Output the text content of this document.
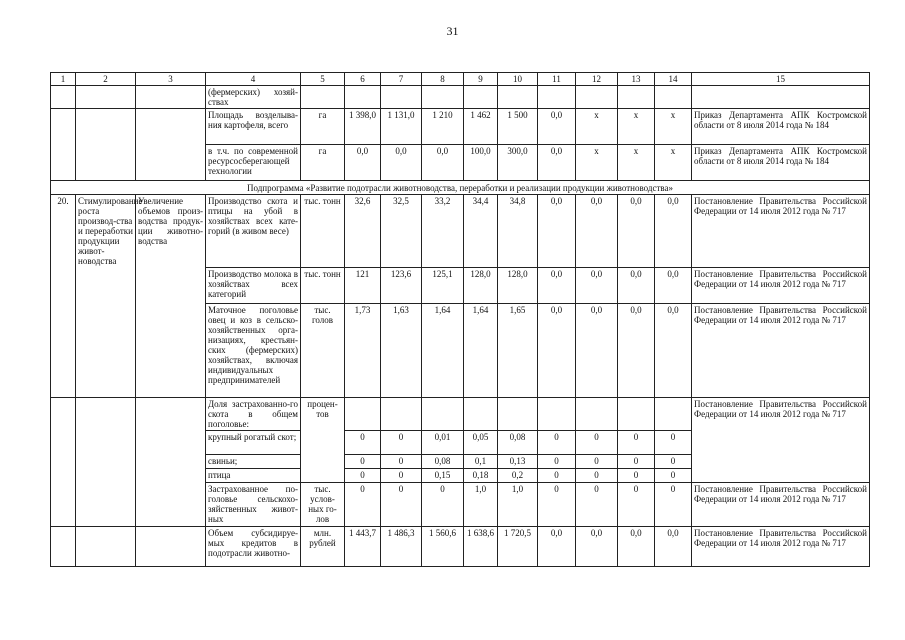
31
1	2	3	4	5	6	7	8	9	10	11	12	13	14	15
			(фермерских) хозяй-ствах											
			Площадь возделыва-ния картофеля, всего	га	1 398,0	1 131,0	1 210	1 462	1 500	0,0	х	х	х	Приказ Департамента АПК Костромской области от 8 июля 2014 года № 184
			в т.ч. по современной ресурсосберегающей технологии	га	0,0	0,0	0,0	100,0	300,0	0,0	х	х	х	Приказ Департамента АПК Костромской области от 8 июля 2014 года № 184
Подпрограмма «Развитие подотрасли животноводства, переработки и реализации продукции животноводства»														
20.	Стимулирование роста производ-ства и переработки продукции живот-новодства	Увеличение объемов произ-водства продук-ции животно-водства	Производство скота и птицы на убой в хозяйствах всех кате-горий (в живом весе)	тыс. тонн	32,6	32,5	33,2	34,4	34,8	0,0	0,0	0,0	0,0	Постановление Правительства Российской Федерации от 14 июля 2012 года № 717
			Производство молока в хозяйствах всех категорий	тыс. тонн	121	123,6	125,1	128,0	128,0	0,0	0,0	0,0	0,0	Постановление Правительства Российской Федерации от 14 июля 2012 года № 717
			Маточное поголовье овец и коз в сельско-хозяйственных орга-низациях, крестьян-ских (фермерских) хозяйствах, включая индивидуальных предпринимателей	тыс. голов	1,73	1,63	1,64	1,64	1,65	0,0	0,0	0,0	0,0	Постановление Правительства Российской Федерации от 14 июля 2012 года № 717
			Доля застрахованно-го скота в общем поголовье:	процен-тов										Постановление Правительства Российской Федерации от 14 июля 2012 года № 717
			крупный рогатый скот;		0	0	0,01	0,05	0,08	0	0	0	0	
			свиньи;		0	0	0,08	0,1	0,13	0	0	0	0	
			птица		0	0	0,15	0,18	0,2	0	0	0	0	
			Застрахованное по-головье сельскохо-зяйственных живот-ных	тыс. услов-ных го-лов	0	0	0	1,0	1,0	0	0	0	0	Постановление Правительства Российской Федерации от 14 июля 2012 года № 717
			Объем субсидируе-мых кредитов в подотрасли животно-	млн. рублей	1 443,7	1 486,3	1 560,6	1 638,6	1 720,5	0,0	0,0	0,0	0,0	Постановление Правительства Российской Федерации от 14 июля 2012 года № 717
